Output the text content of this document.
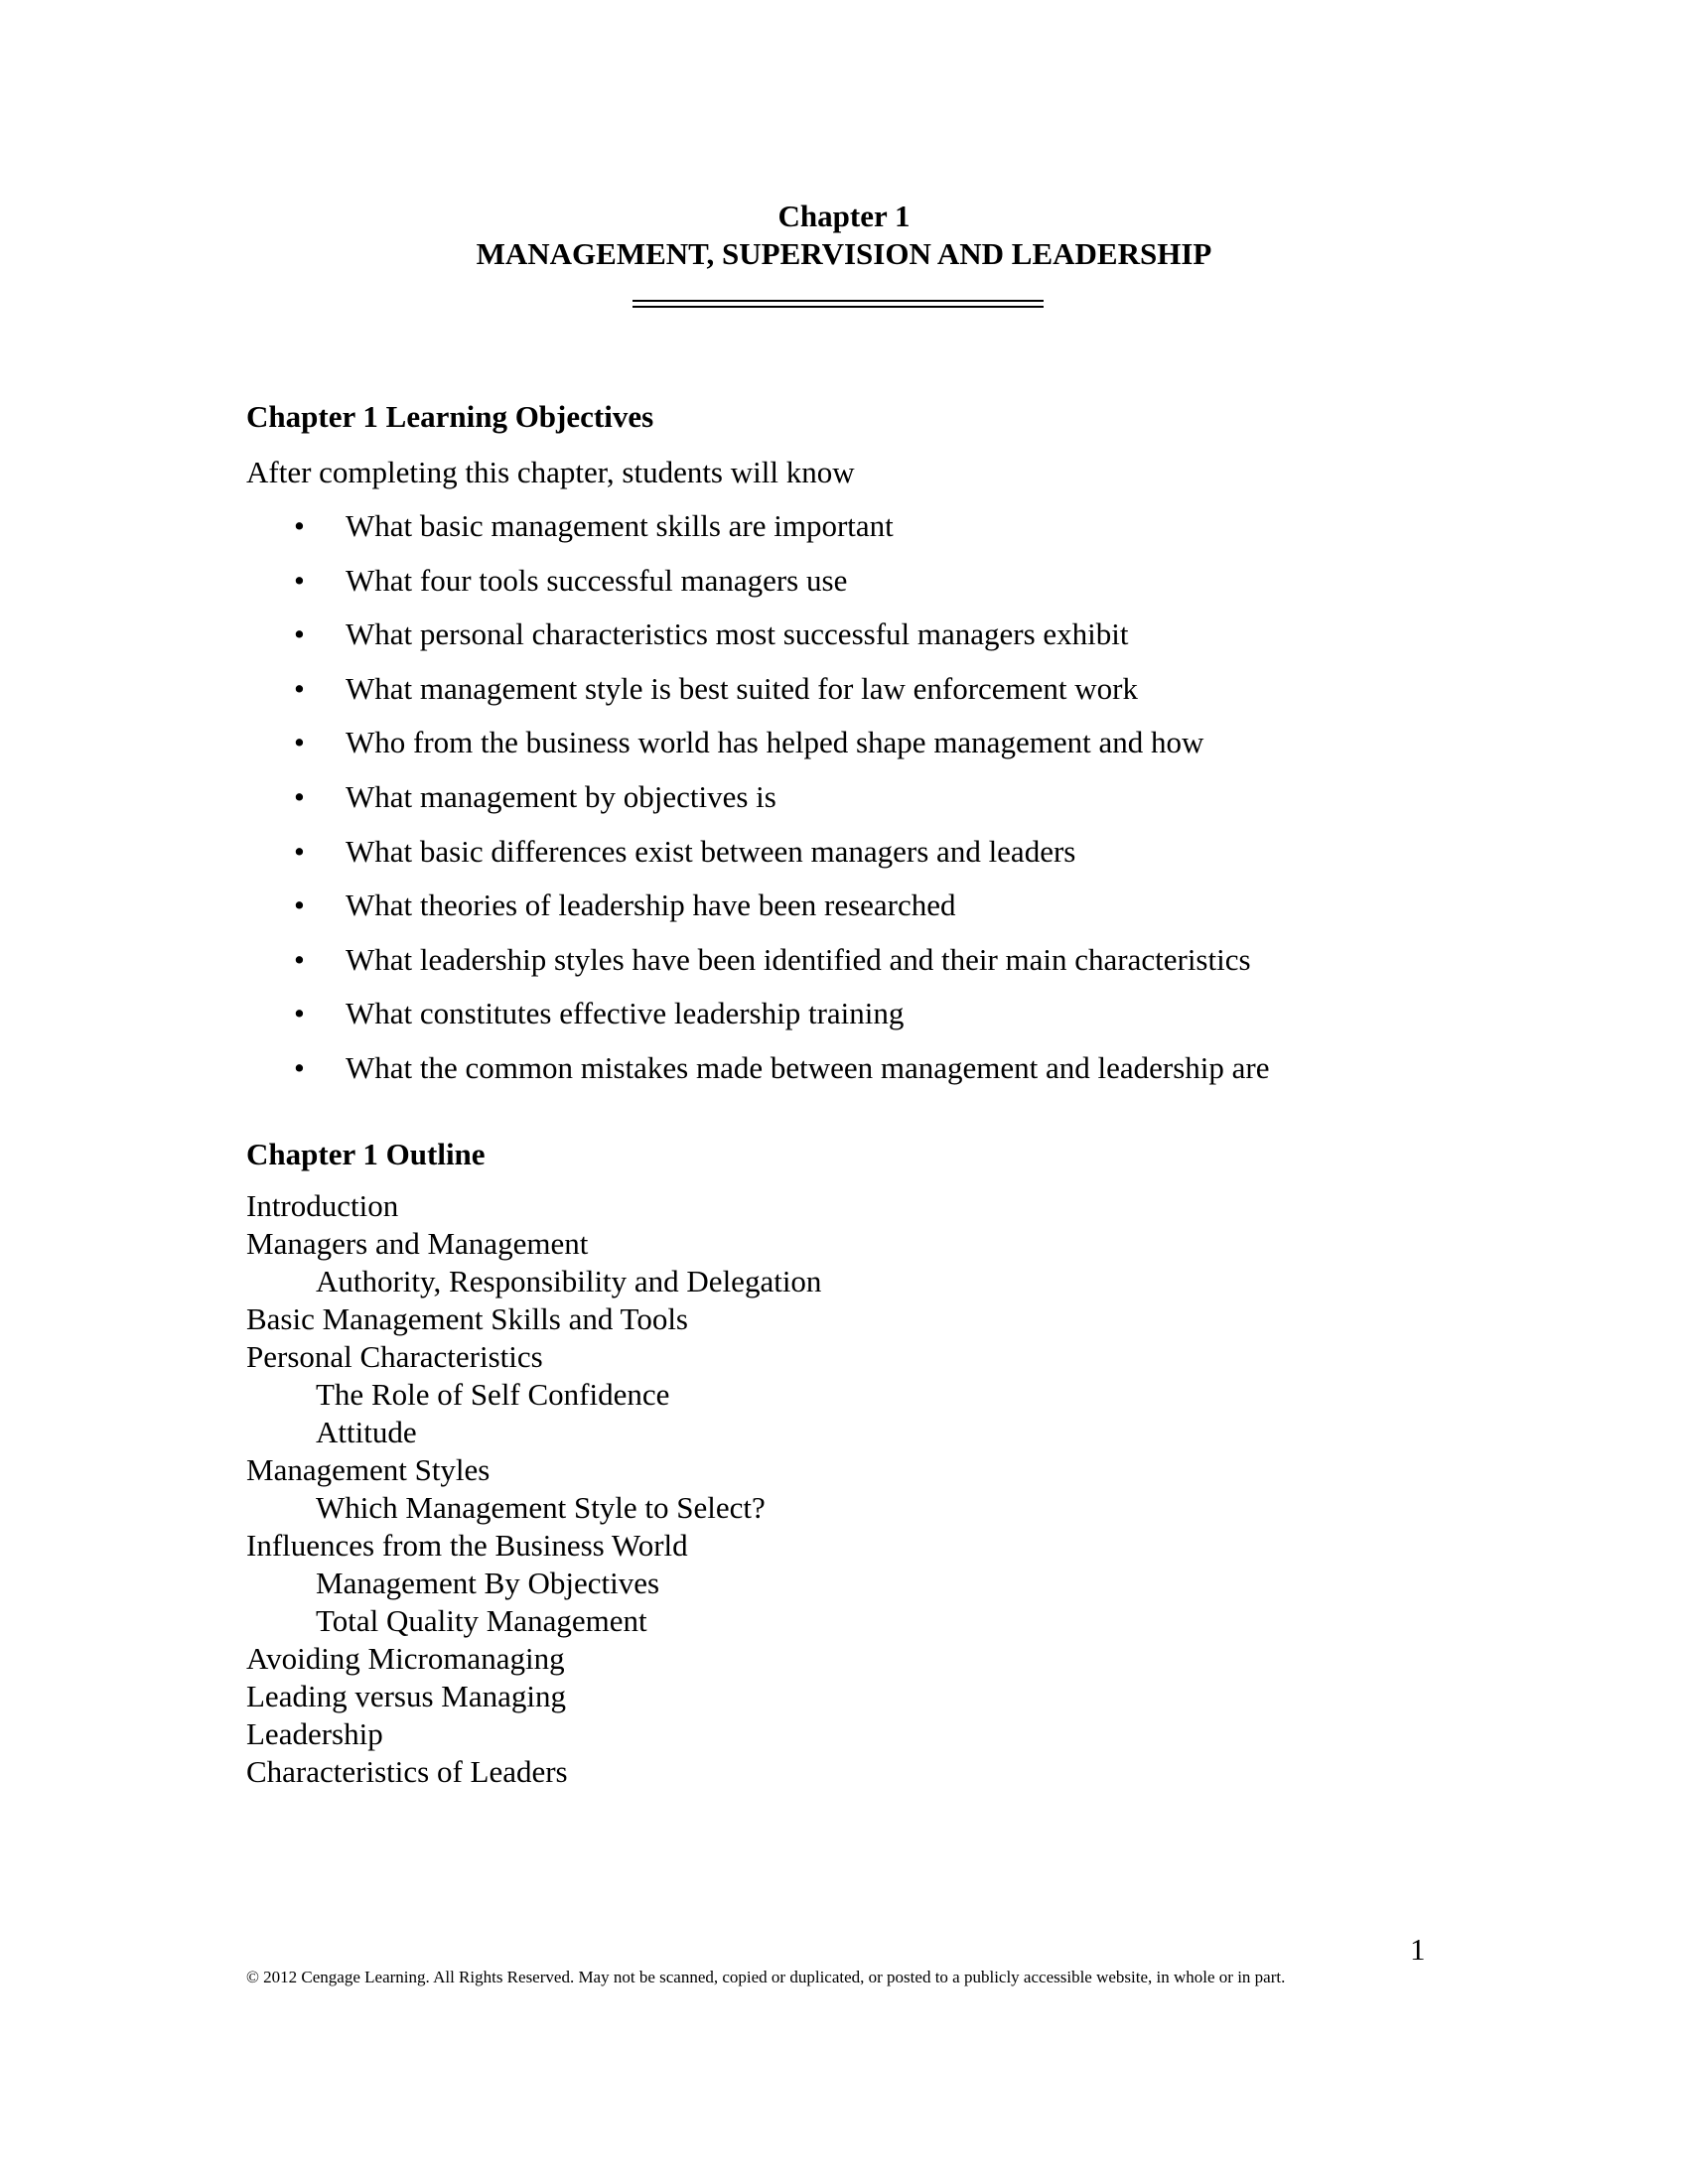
Chapter 1
MANAGEMENT, SUPERVISION AND LEADERSHIP
Chapter 1 Learning Objectives
After completing this chapter, students will know
• What basic management skills are important
• What four tools successful managers use
• What personal characteristics most successful managers exhibit
• What management style is best suited for law enforcement work
• Who from the business world has helped shape management and how
• What management by objectives is
• What basic differences exist between managers and leaders
• What theories of leadership have been researched
• What leadership styles have been identified and their main characteristics
• What constitutes effective leadership training
• What the common mistakes made between management and leadership are
Chapter 1 Outline
Introduction
Managers and Management
Authority, Responsibility and Delegation
Basic Management Skills and Tools
Personal Characteristics
The Role of Self Confidence
Attitude
Management Styles
Which Management Style to Select?
Influences from the Business World
Management By Objectives
Total Quality Management
Avoiding Micromanaging
Leading versus Managing
Leadership
Characteristics of Leaders
1
© 2012 Cengage Learning. All Rights Reserved. May not be scanned, copied or duplicated, or posted to a publicly accessible website, in whole or in part.
